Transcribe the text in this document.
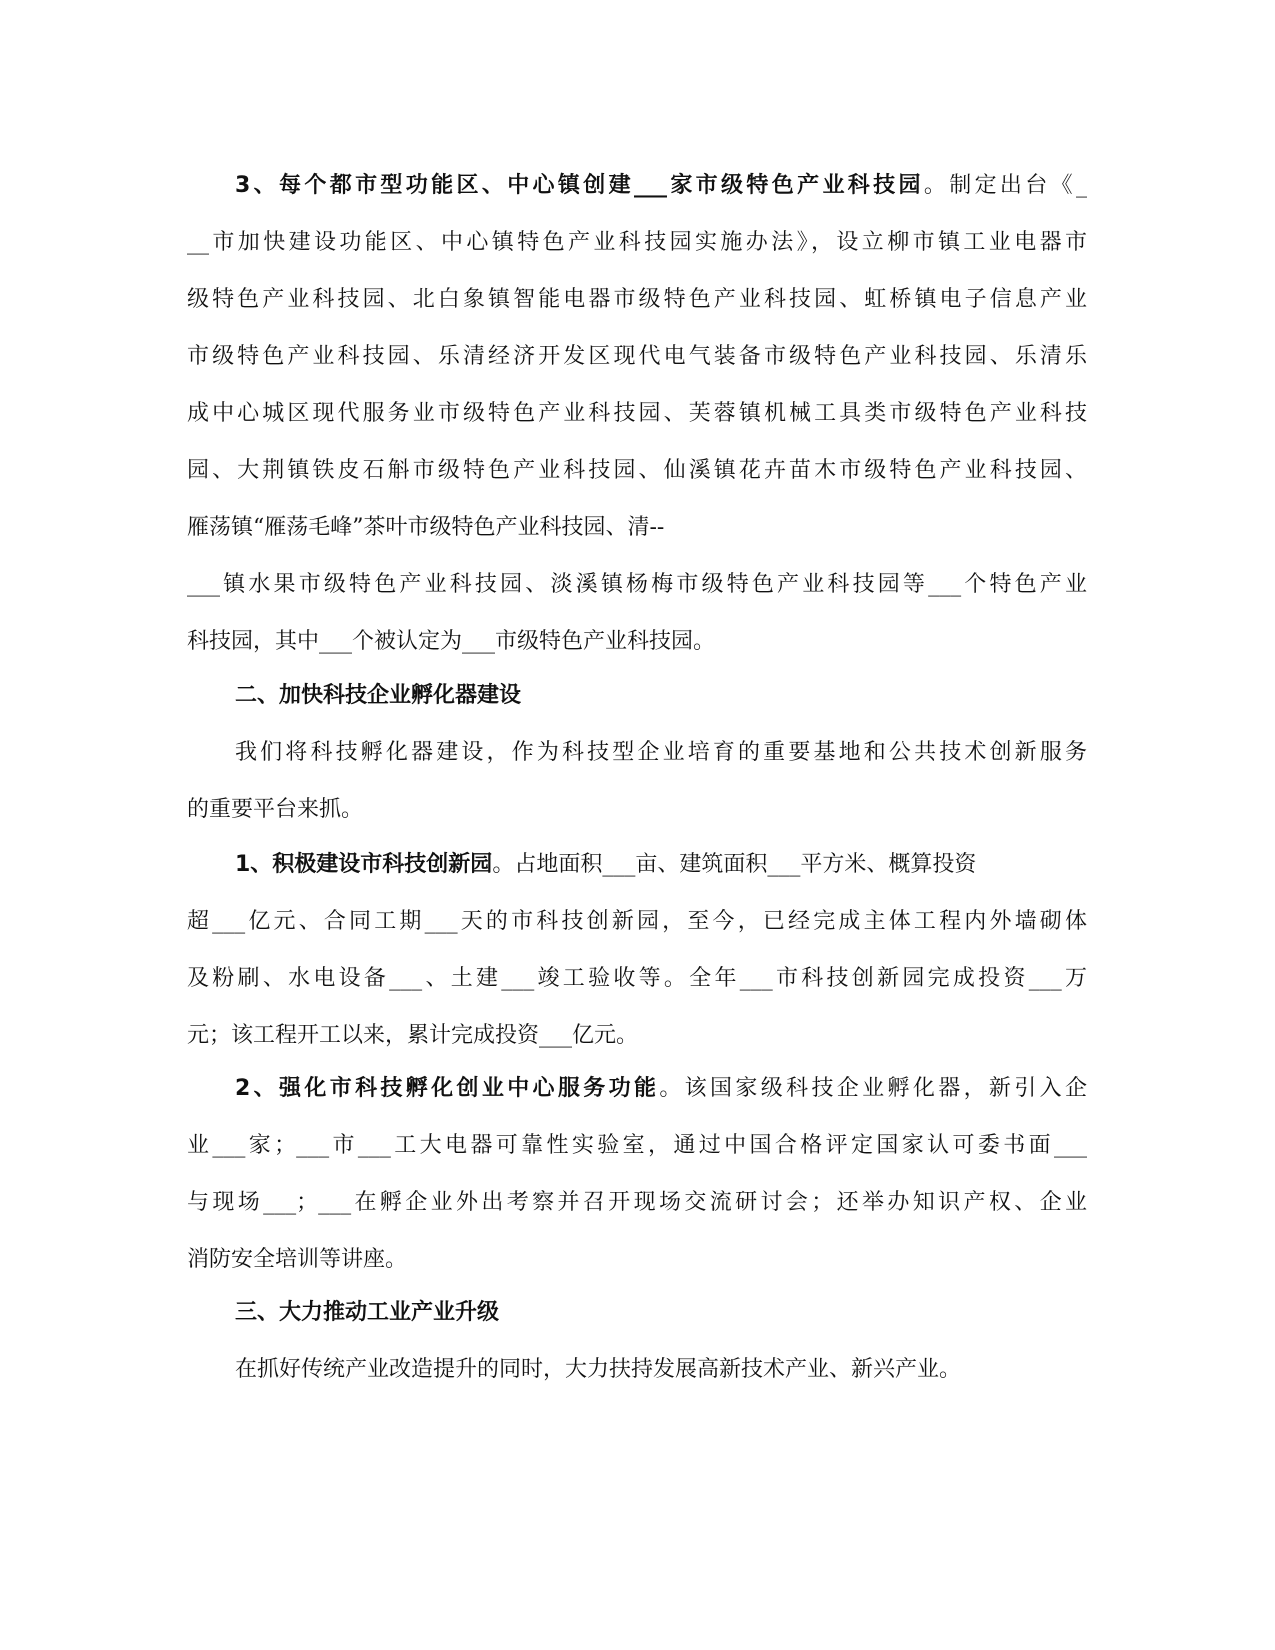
3、每个都市型功能区、中心镇创建___家市级特色产业科技园。制定出台《_
__市加快建设功能区、中心镇特色产业科技园实施办法》，设立柳市镇工业电器市
级特色产业科技园、北白象镇智能电器市级特色产业科技园、虹桥镇电子信息产业
市级特色产业科技园、乐清经济开发区现代电气装备市级特色产业科技园、乐清乐
成中心城区现代服务业市级特色产业科技园、芙蓉镇机械工具类市级特色产业科技
园、大荆镇铁皮石斛市级特色产业科技园、仙溪镇花卉苗木市级特色产业科技园、
雁荡镇“雁荡毛峰”茶叶市级特色产业科技园、清--
___镇水果市级特色产业科技园、淡溪镇杨梅市级特色产业科技园等___个特色产业
科技园，其中___个被认定为___市级特色产业科技园。
二、加快科技企业孵化器建设
我们将科技孵化器建设，作为科技型企业培育的重要基地和公共技术创新服务
的重要平台来抓。
1、积极建设市科技创新园。占地面积___亩、建筑面积___平方米、概算投资
超___亿元、合同工期___天的市科技创新园，至今，已经完成主体工程内外墙砌体
及粉刷、水电设备___、土建___竣工验收等。全年___市科技创新园完成投资___万
元；该工程开工以来，累计完成投资___亿元。
2、强化市科技孵化创业中心服务功能。该国家级科技企业孵化器，新引入企
业___家；___市___工大电器可靠性实验室，通过中国合格评定国家认可委书面___
与现场___；___在孵企业外出考察并召开现场交流研讨会；还举办知识产权、企业
消防安全培训等讲座。
三、大力推动工业产业升级
在抓好传统产业改造提升的同时，大力扶持发展高新技术产业、新兴产业。
